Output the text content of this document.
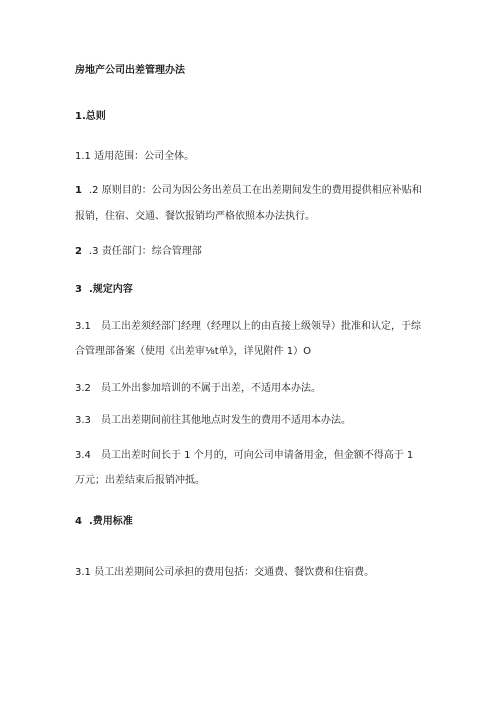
房地产公司出差管理办法
1.总则
1.1 适用范围：公司全体。
1 .2 原则目的：公司为因公务出差员工在出差期间发生的费用提供相应补贴和
报销，住宿、交通、餐饮报销均严格依照本办法执行。
2 .3 责任部门：综合管理部
3 .规定内容
3.1 员工出差须经部门经理（经理以上的由直接上级领导）批准和认定，于综
合管理部备案（使用《出差审⅛t单》，详见附件 1）O
3.2 员工外出参加培训的不属于出差，不适用本办法。
3.3 员工出差期间前往其他地点时发生的费用不适用本办法。
3.4 员工出差时间长于 1 个月的，可向公司申请备用金，但金额不得高于 1
万元；出差结束后报销冲抵。
4 .费用标准
3.1 员工出差期间公司承担的费用包括：交通费、餐饮费和住宿费。
